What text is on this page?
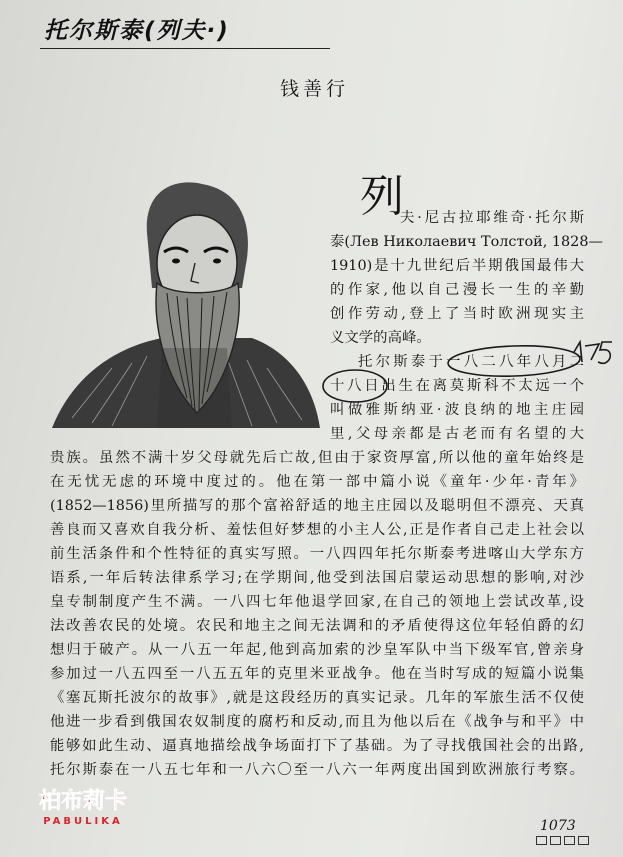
托尔斯泰(列夫·)
钱善行
列
夫·尼古拉耶维奇·托尔斯
泰(Лев Николаевич Толстой, 1828—
1910)是十九世纪后半期俄国最伟大
的作家,他以自己漫长一生的辛勤
创作劳动,登上了当时欧洲现实主
义文学的高峰。
托尔斯泰于一八二八年八月二
十八日出生在离莫斯科不太远一个
叫做雅斯纳亚·波良纳的地主庄园
里,父母亲都是古老而有名望的大
贵族。虽然不满十岁父母就先后亡故,但由于家资厚富,所以他的童年始终是
在无忧无虑的环境中度过的。他在第一部中篇小说《童年·少年·青年》
(1852—1856)里所描写的那个富裕舒适的地主庄园以及聪明但不漂亮、天真
善良而又喜欢自我分析、羞怯但好梦想的小主人公,正是作者自己走上社会以
前生活条件和个性特征的真实写照。一八四四年托尔斯泰考进喀山大学东方
语系,一年后转法律系学习;在学期间,他受到法国启蒙运动思想的影响,对沙
皇专制制度产生不满。一八四七年他退学回家,在自己的领地上尝试改革,设
法改善农民的处境。农民和地主之间无法调和的矛盾使得这位年轻伯爵的幻
想归于破产。从一八五一年起,他到高加索的沙皇军队中当下级军官,曾亲身
参加过一八五四至一八五五年的克里米亚战争。他在当时写成的短篇小说集
《塞瓦斯托波尔的故事》,就是这段经历的真实记录。几年的军旅生活不仅使
他进一步看到俄国农奴制度的腐朽和反动,而且为他以后在《战争与和平》中
能够如此生动、逼真地描绘战争场面打下了基础。为了寻找俄国社会的出路,
托尔斯泰在一八五七年和一八六〇至一八六一年两度出国到欧洲旅行考察。
柏布莉卡
PABULIKA	1073
